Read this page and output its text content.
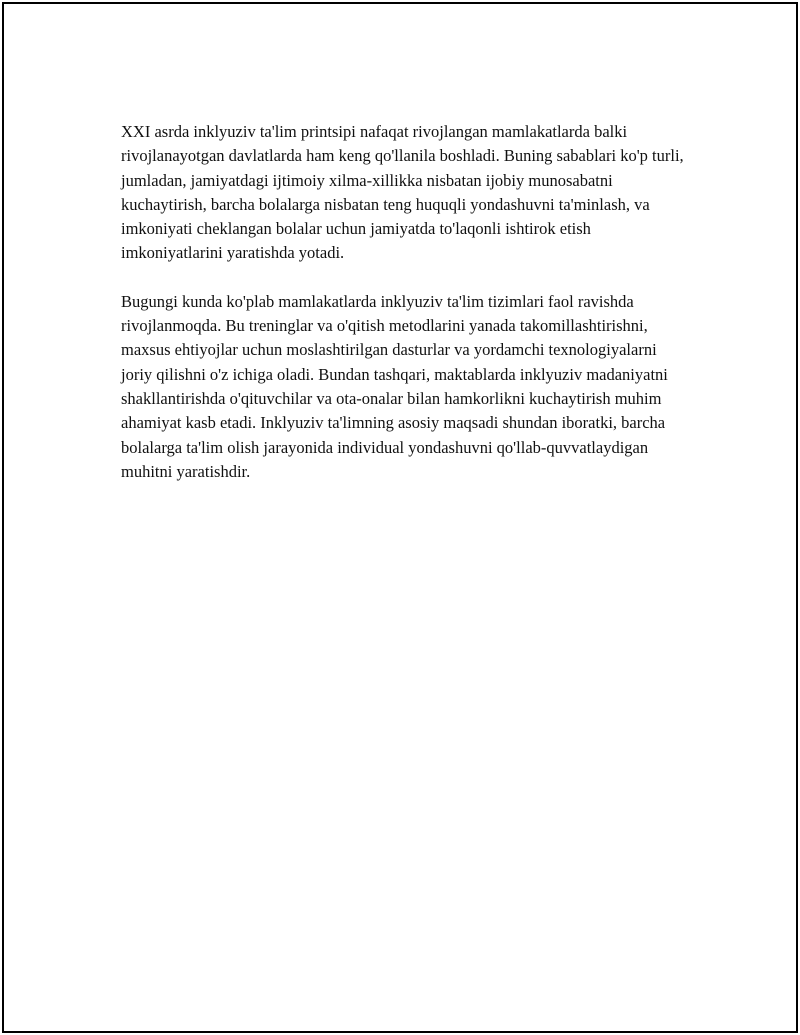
XXI asrda inklyuziv ta'lim printsipi nafaqat rivojlangan mamlakatlarda balki rivojlanayotgan davlatlarda ham keng qo'llanila boshladi. Buning sabablari ko'p turli, jumladan, jamiyatdagi ijtimoiy xilma-xillikka nisbatan ijobiy munosabatni kuchaytirish, barcha bolalarga nisbatan teng huquqli yondashuvni ta'minlash, va imkoniyati cheklangan bolalar uchun jamiyatda to'laqonli ishtirok etish imkoniyatlarini yaratishda yotadi.

Bugungi kunda ko'plab mamlakatlarda inklyuziv ta'lim tizimlari faol ravishda rivojlanmoqda. Bu treninglar va o'qitish metodlarini yanada takomillashtirishni, maxsus ehtiyojlar uchun moslashtirilgan dasturlar va yordamchi texnologiyalarni joriy qilishni o'z ichiga oladi. Bundan tashqari, maktablarda inklyuziv madaniyatni shakllantirishda o'qituvchilar va ota-onalar bilan hamkorlikni kuchaytirish muhim ahamiyat kasb etadi. Inklyuziv ta'limning asosiy maqsadi shundan iboratki, barcha bolalarga ta'lim olish jarayonida individual yondashuvni qo'llab-quvvatlaydigan muhitni yaratishdir.
